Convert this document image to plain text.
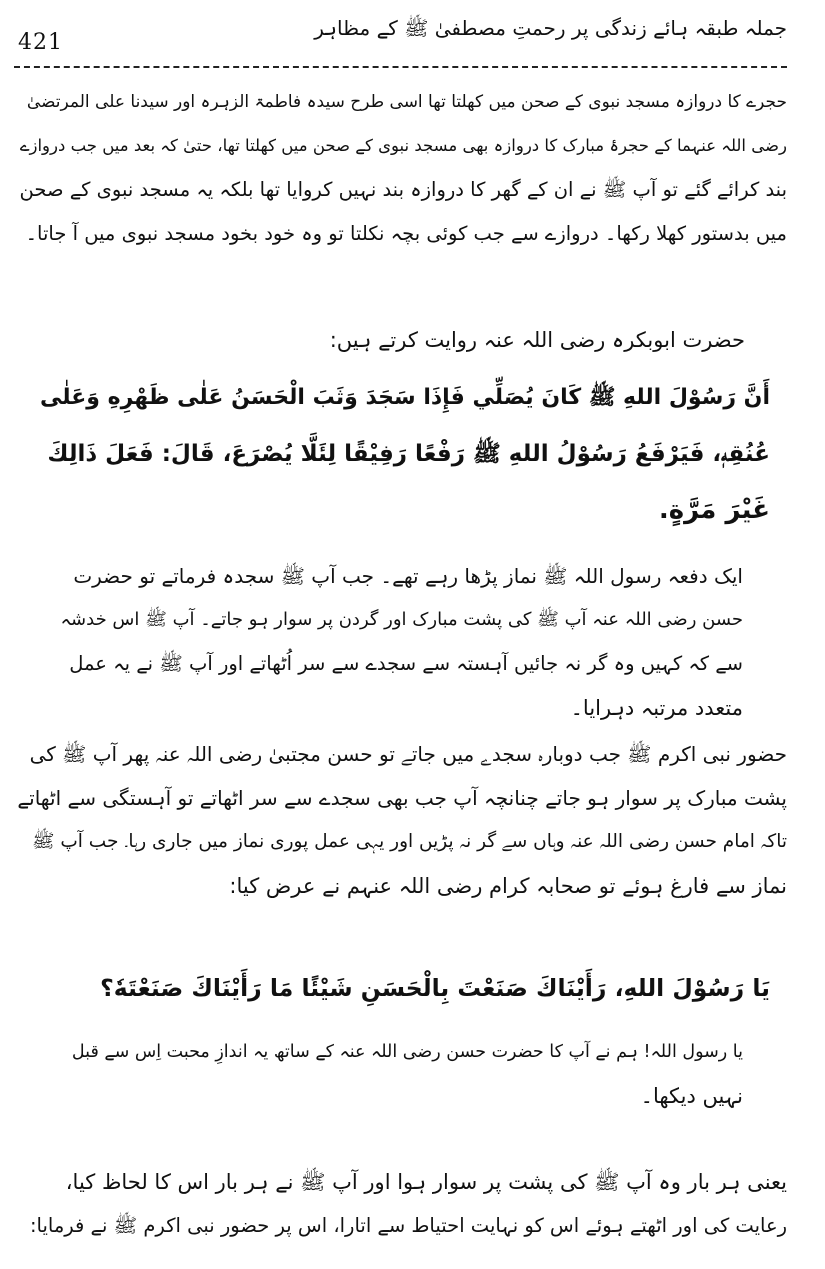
جملہ طبقہ ہائے زندگی پر رحمتِ مصطفیٰ ﷺ کے مظاہر
421
حجرے کا دروازہ مسجد نبوی کے صحن میں کھلتا تھا اسی طرح سیدہ فاطمۃ الزہرہ اور سیدنا علی المرتضیٰ
رضی اللہ عنہما کے حجرۂ مبارک کا دروازہ بھی مسجد نبوی کے صحن میں کھلتا تھا، حتیٰ کہ بعد میں جب دروازے
بند کرائے گئے تو آپ ﷺ نے ان کے گھر کا دروازہ بند نہیں کروایا تھا بلکہ یہ مسجد نبوی کے صحن
میں بدستور کھلا رکھا۔ دروازے سے جب کوئی بچہ نکلتا تو وہ خود بخود مسجد نبوی میں آ جاتا۔
حضرت ابوبکرہ رضی اللہ عنہ روایت کرتے ہیں:
أَنَّ رَسُوْلَ اللهِ ﷺ كَانَ يُصَلِّي فَإِذَا سَجَدَ وَثَبَ الْحَسَنُ عَلٰى ظَهْرِهِ وَعَلٰى
عُنُقِهٖ، فَيَرْفَعُ رَسُوْلُ اللهِ ﷺ رَفْعًا رَفِيْقًا لِئَلَّا يُصْرَعَ، قَالَ: فَعَلَ ذَالِكَ
غَيْرَ مَرَّةٍ.
ایک دفعہ رسول اللہ ﷺ نماز پڑھا رہے تھے۔ جب آپ ﷺ سجدہ فرماتے تو حضرت
حسن رضی اللہ عنہ آپ ﷺ کی پشت مبارک اور گردن پر سوار ہو جاتے۔ آپ ﷺ اس خدشہ
سے کہ کہیں وہ گر نہ جائیں آہستہ سے سجدے سے سر اُٹھاتے اور آپ ﷺ نے یہ عمل
متعدد مرتبہ دہرایا۔
حضور نبی اکرم ﷺ جب دوبارہ سجدے میں جاتے تو حسن مجتبیٰ رضی اللہ عنہ پھر آپ ﷺ کی
پشت مبارک پر سوار ہو جاتے چنانچہ آپ جب بھی سجدے سے سر اٹھاتے تو آہستگی سے اٹھاتے
تاکہ امام حسن رضی اللہ عنہ وہاں سے گر نہ پڑیں اور یہی عمل پوری نماز میں جاری رہا۔ جب آپ ﷺ
نماز سے فارغ ہوئے تو صحابہ کرام رضی اللہ عنہم نے عرض کیا:
يَا رَسُوْلَ اللهِ، رَأَيْنَاكَ صَنَعْتَ بِالْحَسَنِ شَيْئًا مَا رَأَيْنَاكَ صَنَعْتَهٗ؟
یا رسول اللہ! ہم نے آپ کا حضرت حسن رضی اللہ عنہ کے ساتھ یہ اندازِ محبت اِس سے قبل
نہیں دیکھا۔
یعنی ہر بار وہ آپ ﷺ کی پشت پر سوار ہوا اور آپ ﷺ نے ہر بار اس کا لحاظ کیا،
رعایت کی اور اٹھتے ہوئے اس کو نہایت احتیاط سے اتارا، اس پر حضور نبی اکرم ﷺ نے فرمایا:
